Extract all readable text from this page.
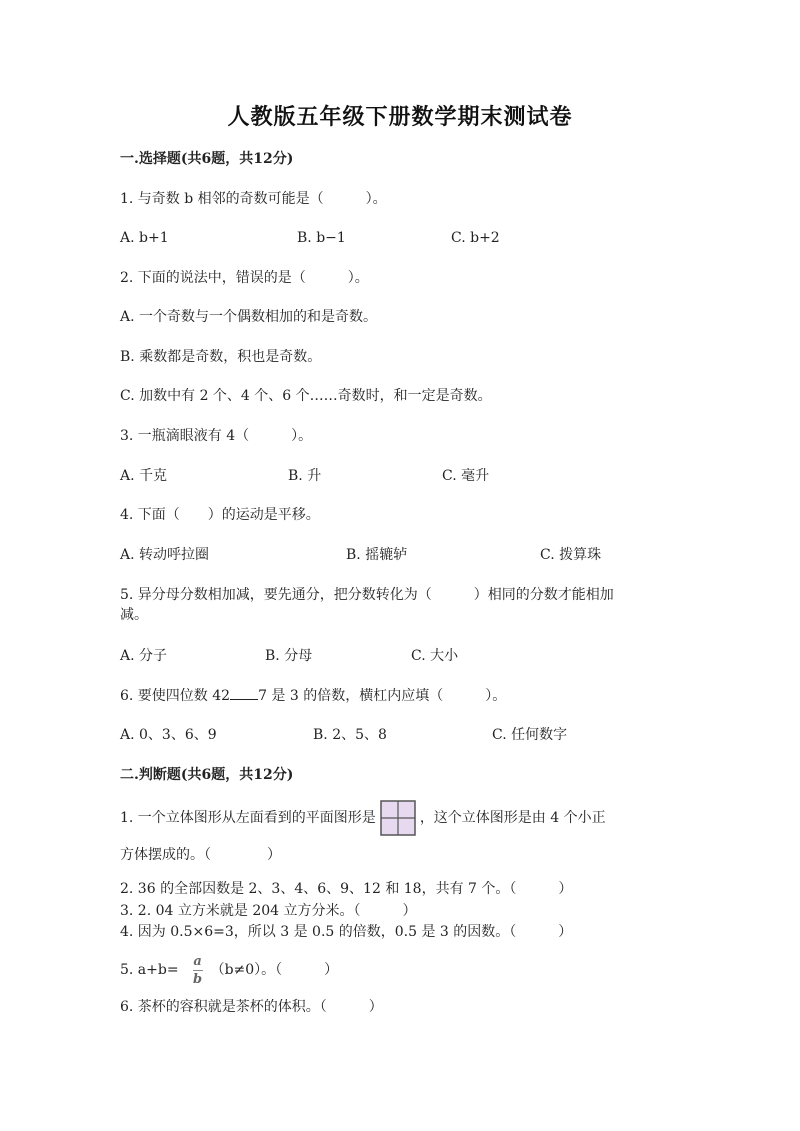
人教版五年级下册数学期末测试卷
一.选择题(共6题，共12分)
1. 与奇数 b 相邻的奇数可能是（　　　）。
A. b+1	B. b−1	C. b+2
2. 下面的说法中，错误的是（　　　）。
A. 一个奇数与一个偶数相加的和是奇数。
B. 乘数都是奇数，积也是奇数。
C. 加数中有 2 个、4 个、6 个……奇数时，和一定是奇数。
3. 一瓶滴眼液有 4（　　　）。
A. 千克	B. 升	C. 毫升
4. 下面（　　）的运动是平移。
A. 转动呼拉圈	B. 摇辘轳	C. 拨算珠
5. 异分母分数相加减，要先通分，把分数转化为（　　　）相同的分数才能相加
减。
A. 分子	B. 分母	C. 大小
6. 要使四位数 42 7 是 3 的倍数，横杠内应填（　　　）。
A. 0、3、6、9	B. 2、5、8	C. 任何数字
二.判断题(共6题，共12分)
1. 一个立体图形从左面看到的平面图形是	，这个立体图形是由 4 个小正
方体摆成的。（　　　　）
2. 36 的全部因数是 2、3、4、6、9、12 和 18，共有 7 个。（　　　）
3. 2. 04 立方米就是 204 立方分米。（　　　）
4. 因为 0.5×6=3，所以 3 是 0.5 的倍数，0.5 是 3 的因数。（　　　）
5. $a+b= \frac{a}{b} (b\ne 0)$。（　　　）
6. 茶杯的容积就是茶杯的体积。（　　　）
